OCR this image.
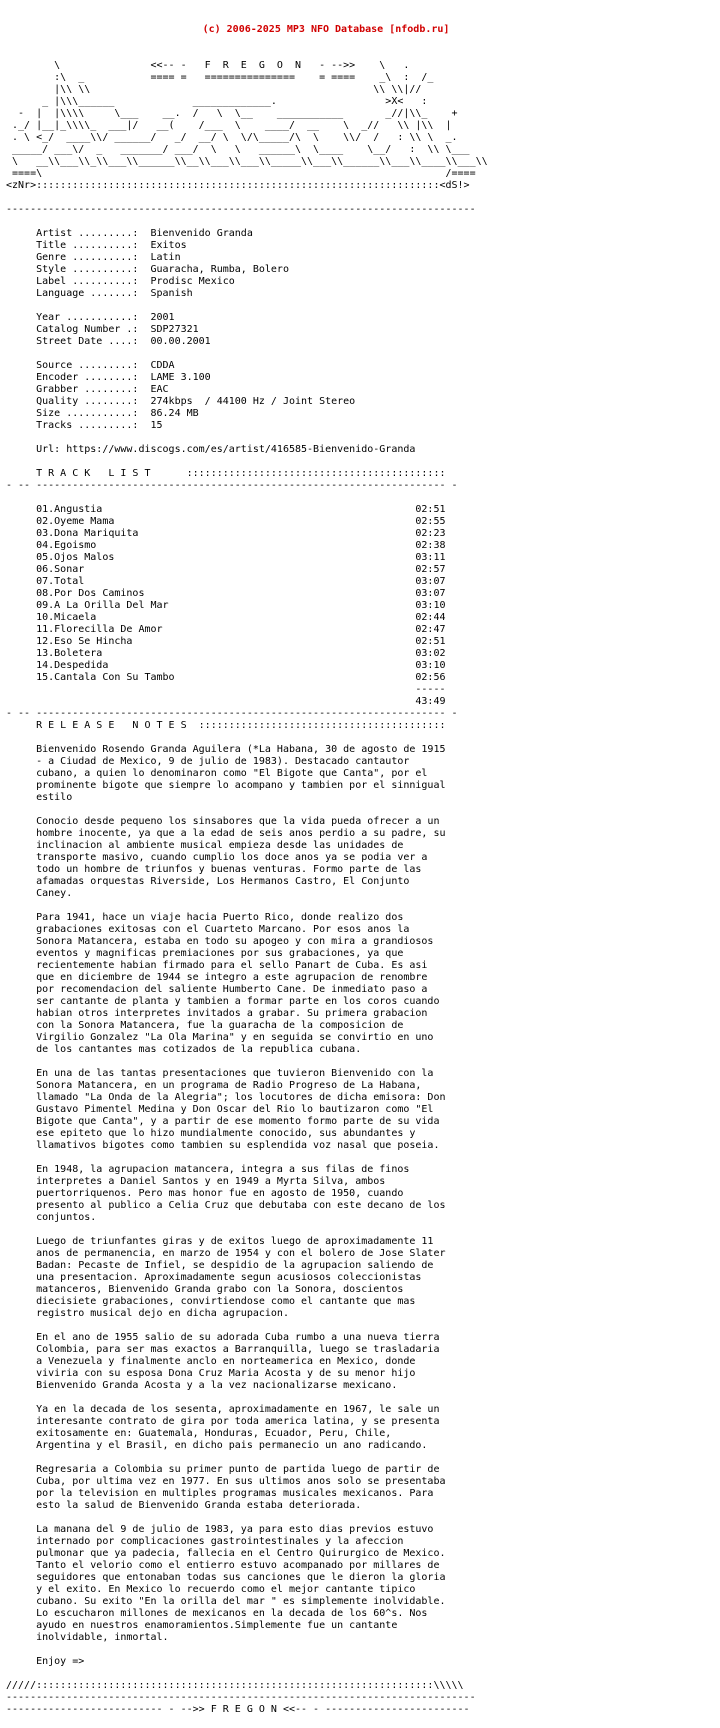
(c) 2006-2025 MP3 NFO Database [nfodb.ru]

\               <<-- -   F  R  E  G  O  N   - -->>    \   .
:\  _           ==== =   ===============    = ====    _\  :  /_
|\\ \\                                               \\ \\|//
_ |\\\______             _____________.                  >X<   :
-  |  |\\\\     \___    __.  /   \  \__    ___________       _//|\\_    +
._/ |__|_\\\\_  ___|/   __(    /___  \    ____/  __    \  _//   \\ |\\  |
. \ <_/  ____\\/ ______/   _/  __/ \  \/\_____/\  \    \\/  /   : \\ \  _.
_____/ ___\/  _   _______/ ___/  \   \   ______\  \____    \__/   :  \\ \___
\   __\\___\\_\\___\\______\\__\\___\\___\\_____\\___\\______\\___\\____\\___\\
====\                                                                   /====
<zNr>:::::::::::::::::::::::::::::::::::::::::::::::::::::::::::::::::::<dS!>
------------------------------------------------------------------------------
Artist .........:  Bienvenido Granda
Title ..........:  Exitos
Genre ..........:  Latin
Style ..........:  Guaracha, Rumba, Bolero
Label ..........:  Prodisc Mexico
Language .......:  Spanish
Year ...........:  2001
Catalog Number .:  SDP27321
Street Date ....:  00.00.2001
Source .........:  CDDA
Encoder ........:  LAME 3.100
Grabber ........:  EAC
Quality ........:  274kbps  / 44100 Hz / Joint Stereo
Size ...........:  86.24 MB
Tracks .........:  15
Url: https://www.discogs.com/es/artist/416585-Bienvenido-Granda
T R A C K   L I S T      :::::::::::::::::::::::::::::::::::::::::::
- -- -------------------------------------------------------------------- -
01.Angustia                                                    02:51
02.Oyeme Mama                                                  02:55
03.Dona Mariquita                                              02:23
04.Egoismo                                                     02:38
05.Ojos Malos                                                  03:11
06.Sonar                                                       02:57
07.Total                                                       03:07
08.Por Dos Caminos                                             03:07
09.A La Orilla Del Mar                                         03:10
10.Micaela                                                     02:44
11.Florecilla De Amor                                          02:47
12.Eso Se Hincha                                               02:51
13.Boletera                                                    03:02
14.Despedida                                                   03:10
15.Cantala Con Su Tambo                                        02:56
-----
43:49
- -- -------------------------------------------------------------------- -
R E L E A S E   N O T E S  :::::::::::::::::::::::::::::::::::::::::
Bienvenido Rosendo Granda Aguilera (*La Habana, 30 de agosto de 1915
- a Ciudad de Mexico, 9 de julio de 1983). Destacado cantautor
cubano, a quien lo denominaron como "El Bigote que Canta", por el
prominente bigote que siempre lo acompano y tambien por el sinnigual
estilo
Conocio desde pequeno los sinsabores que la vida pueda ofrecer a un
hombre inocente, ya que a la edad de seis anos perdio a su padre, su
inclinacion al ambiente musical empieza desde las unidades de
transporte masivo, cuando cumplio los doce anos ya se podia ver a
todo un hombre de triunfos y buenas venturas. Formo parte de las
afamadas orquestas Riverside, Los Hermanos Castro, El Conjunto
Caney.
Para 1941, hace un viaje hacia Puerto Rico, donde realizo dos
grabaciones exitosas con el Cuarteto Marcano. Por esos anos la
Sonora Matancera, estaba en todo su apogeo y con mira a grandiosos
eventos y magnificas premiaciones por sus grabaciones, ya que
recientemente habian firmado para el sello Panart de Cuba. Es asi
que en diciembre de 1944 se integro a este agrupacion de renombre
por recomendacion del saliente Humberto Cane. De inmediato paso a
ser cantante de planta y tambien a formar parte en los coros cuando
habian otros interpretes invitados a grabar. Su primera grabacion
con la Sonora Matancera, fue la guaracha de la composicion de
Virgilio Gonzalez "La Ola Marina" y en seguida se convirtio en uno
de los cantantes mas cotizados de la republica cubana.
En una de las tantas presentaciones que tuvieron Bienvenido con la
Sonora Matancera, en un programa de Radio Progreso de La Habana,
llamado "La Onda de la Alegria"; los locutores de dicha emisora: Don
Gustavo Pimentel Medina y Don Oscar del Rio lo bautizaron como "El
Bigote que Canta", y a partir de ese momento formo parte de su vida
ese epiteto que lo hizo mundialmente conocido, sus abundantes y
llamativos bigotes como tambien su esplendida voz nasal que poseia.
En 1948, la agrupacion matancera, integra a sus filas de finos
interpretes a Daniel Santos y en 1949 a Myrta Silva, ambos
puertorriquenos. Pero mas honor fue en agosto de 1950, cuando
presento al publico a Celia Cruz que debutaba con este decano de los
conjuntos.
Luego de triunfantes giras y de exitos luego de aproximadamente 11
anos de permanencia, en marzo de 1954 y con el bolero de Jose Slater
Badan: Pecaste de Infiel, se despidio de la agrupacion saliendo de
una presentacion. Aproximadamente segun acusiosos coleccionistas
matanceros, Bienvenido Granda grabo con la Sonora, doscientos
diecisiete grabaciones, convirtiendose como el cantante que mas
registro musical dejo en dicha agrupacion.
En el ano de 1955 salio de su adorada Cuba rumbo a una nueva tierra
Colombia, para ser mas exactos a Barranquilla, luego se trasladaria
a Venezuela y finalmente anclo en norteamerica en Mexico, donde
viviria con su esposa Dona Cruz Maria Acosta y de su menor hijo
Bienvenido Granda Acosta y a la vez nacionalizarse mexicano.
Ya en la decada de los sesenta, aproximadamente en 1967, le sale un
interesante contrato de gira por toda america latina, y se presenta
exitosamente en: Guatemala, Honduras, Ecuador, Peru, Chile,
Argentina y el Brasil, en dicho pais permanecio un ano radicando.
Regresaria a Colombia su primer punto de partida luego de partir de
Cuba, por ultima vez en 1977. En sus ultimos anos solo se presentaba
por la television en multiples programas musicales mexicanos. Para
esto la salud de Bienvenido Granda estaba deteriorada.
La manana del 9 de julio de 1983, ya para esto dias previos estuvo
internado por complicaciones gastrointestinales y la afeccion
pulmonar que ya padecia, fallecia en el Centro Quirurgico de Mexico.
Tanto el velorio como el entierro estuvo acompanado por millares de
seguidores que entonaban todas sus canciones que le dieron la gloria
y el exito. En Mexico lo recuerdo como el mejor cantante tipico
cubano. Su exito "En la orilla del mar " es simplemente inolvidable.
Lo escucharon millones de mexicanos en la decada de los 60^s. Nos
ayudo en nuestros enamoramientos.Simplemente fue un cantante
inolvidable, inmortal.
Enjoy =>
/////::::::::::::::::::::::::::::::::::::::::::::::::::::::::::::::::::\\\\\
------------------------------------------------------------------------------
-------------------------- - -->> F R E G O N <<-- - ------------------------
